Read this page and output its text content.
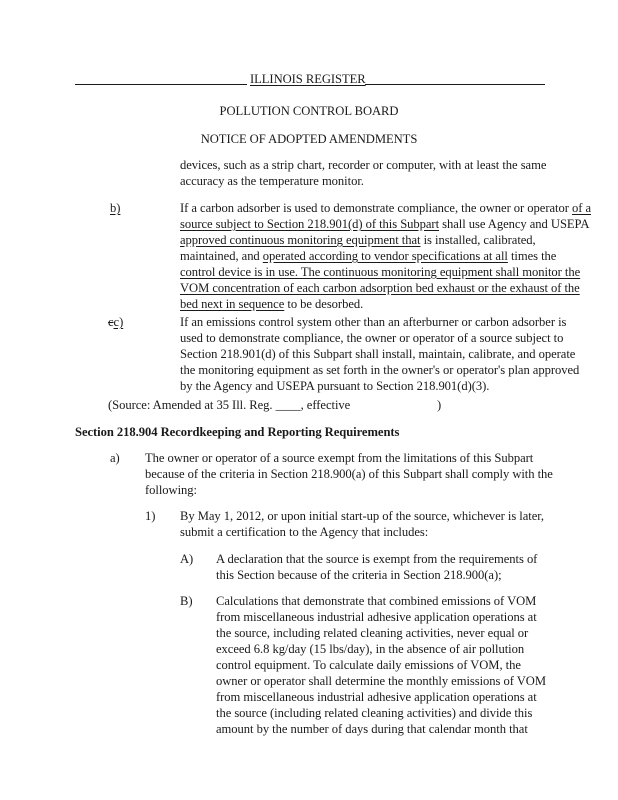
ILLINOIS REGISTER
POLLUTION CONTROL BOARD
NOTICE OF ADOPTED AMENDMENTS
devices, such as a strip chart, recorder or computer, with at least the same
accuracy as the temperature monitor.
b)	If a carbon adsorber is used to demonstrate compliance, the owner or operator of a
source subject to Section 218.901(d) of this Subpart shall use Agency and USEPA
approved continuous monitoring equipment that is installed, calibrated,
maintained, and operated according to vendor specifications at all times the
control device is in use. The continuous monitoring equipment shall monitor the
VOM concentration of each carbon adsorption bed exhaust or the exhaust of the
bed next in sequence to be desorbed.
cc)	If an emissions control system other than an afterburner or carbon adsorber is
used to demonstrate compliance, the owner or operator of a source subject to
Section 218.901(d) of this Subpart shall install, maintain, calibrate, and operate
the monitoring equipment as set forth in the owner's or operator's plan approved
by the Agency and USEPA pursuant to Section 218.901(d)(3).
(Source: Amended at 35 Ill. Reg. ____, effective	)
Section 218.904 Recordkeeping and Reporting Requirements
a) The owner or operator of a source exempt from the limitations of this Subpart
because of the criteria in Section 218.900(a) of this Subpart shall comply with the
following:
1) By May 1, 2012, or upon initial start-up of the source, whichever is later,
submit a certification to the Agency that includes:
A) A declaration that the source is exempt from the requirements of
this Section because of the criteria in Section 218.900(a);
B) Calculations that demonstrate that combined emissions of VOM
from miscellaneous industrial adhesive application operations at
the source, including related cleaning activities, never equal or
exceed 6.8 kg/day (15 lbs/day), in the absence of air pollution
control equipment. To calculate daily emissions of VOM, the
owner or operator shall determine the monthly emissions of VOM
from miscellaneous industrial adhesive application operations at
the source (including related cleaning activities) and divide this
amount by the number of days during that calendar month that
